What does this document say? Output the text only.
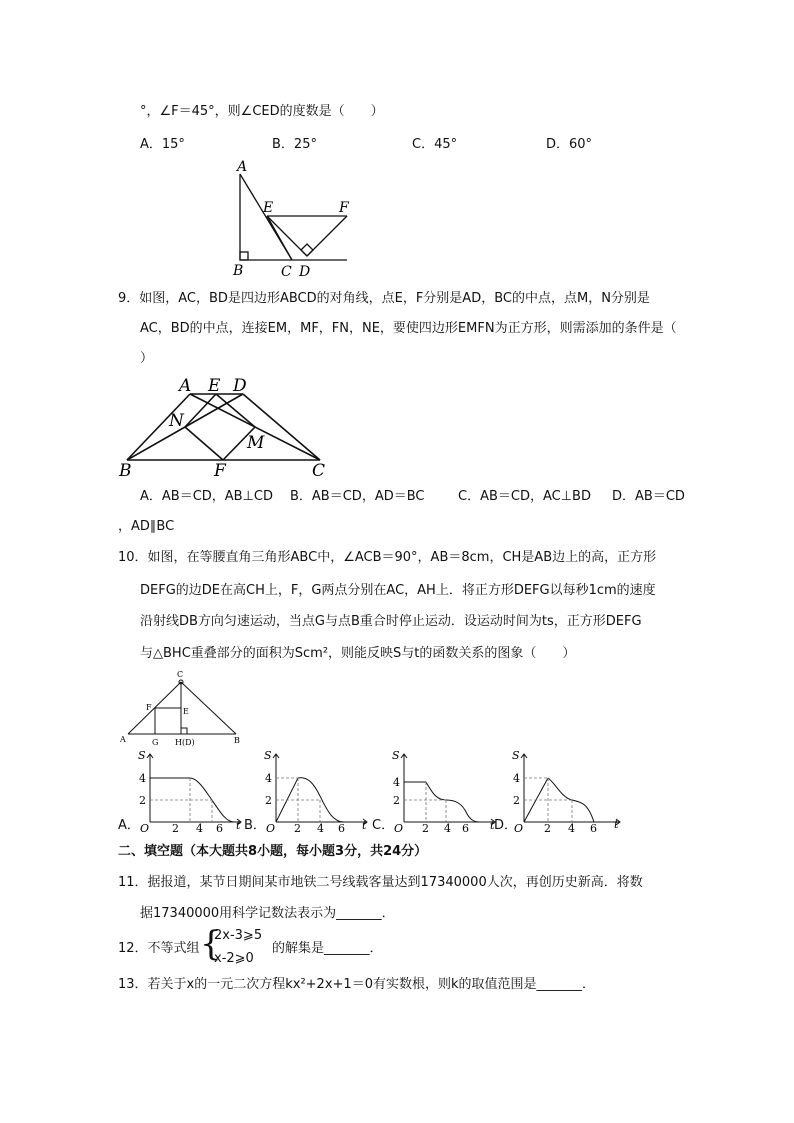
°，∠F＝45°，则∠CED的度数是（　　）
A．15°	B．25°	C．45°	D．60°
A
B	C D
E	F
9．如图，AC，BD是四边形ABCD的对角线，点E，F分别是AD，BC的中点，点M，N分别是
AC，BD的中点，连接EM，MF，FN，NE，要使四边形EMFN为正方形，则需添加的条件是（
）
A E D
N
M
B	F	C
A．AB＝CD，AB⊥CD B．AB＝CD，AD＝BC	C．AB＝CD，AC⊥BD D．AB＝CD
，AD∥BC
10．如图，在等腰直角三角形ABC中，∠ACB＝90°，AB＝8cm，CH是AB边上的高，正方形
DEFG的边DE在高CH上，F，G两点分别在AC，AH上．将正方形DEFG以每秒1cm的速度
沿射线DB方向匀速运动，当点G与点B重合时停止运动．设运动时间为ts，正方形DEFG
与△BHC重叠部分的面积为Scm²，则能反映S与t的函数关系的图象（　　）
C
F	E
A	G H(D)	B
A．
S
4
2
O 2 4 6 t B．
S
4
2
O 2 4 6 t C．
S
4
2
O 2 4 6 t D．
S
4
2
O 2 4 6 t
二、填空题（本大题共8小题，每小题3分，共24分）
11．据报道，某节日期间某市地铁二号线载客量达到17340000人次，再创历史新高．将数
据17340000用科学记数法表示为_______．
12．不等式组 {
2x-3⩾5
x-2⩾0
的解集是_______．
13．若关于x的一元二次方程kx²+2x+1＝0有实数根，则k的取值范围是_______．
